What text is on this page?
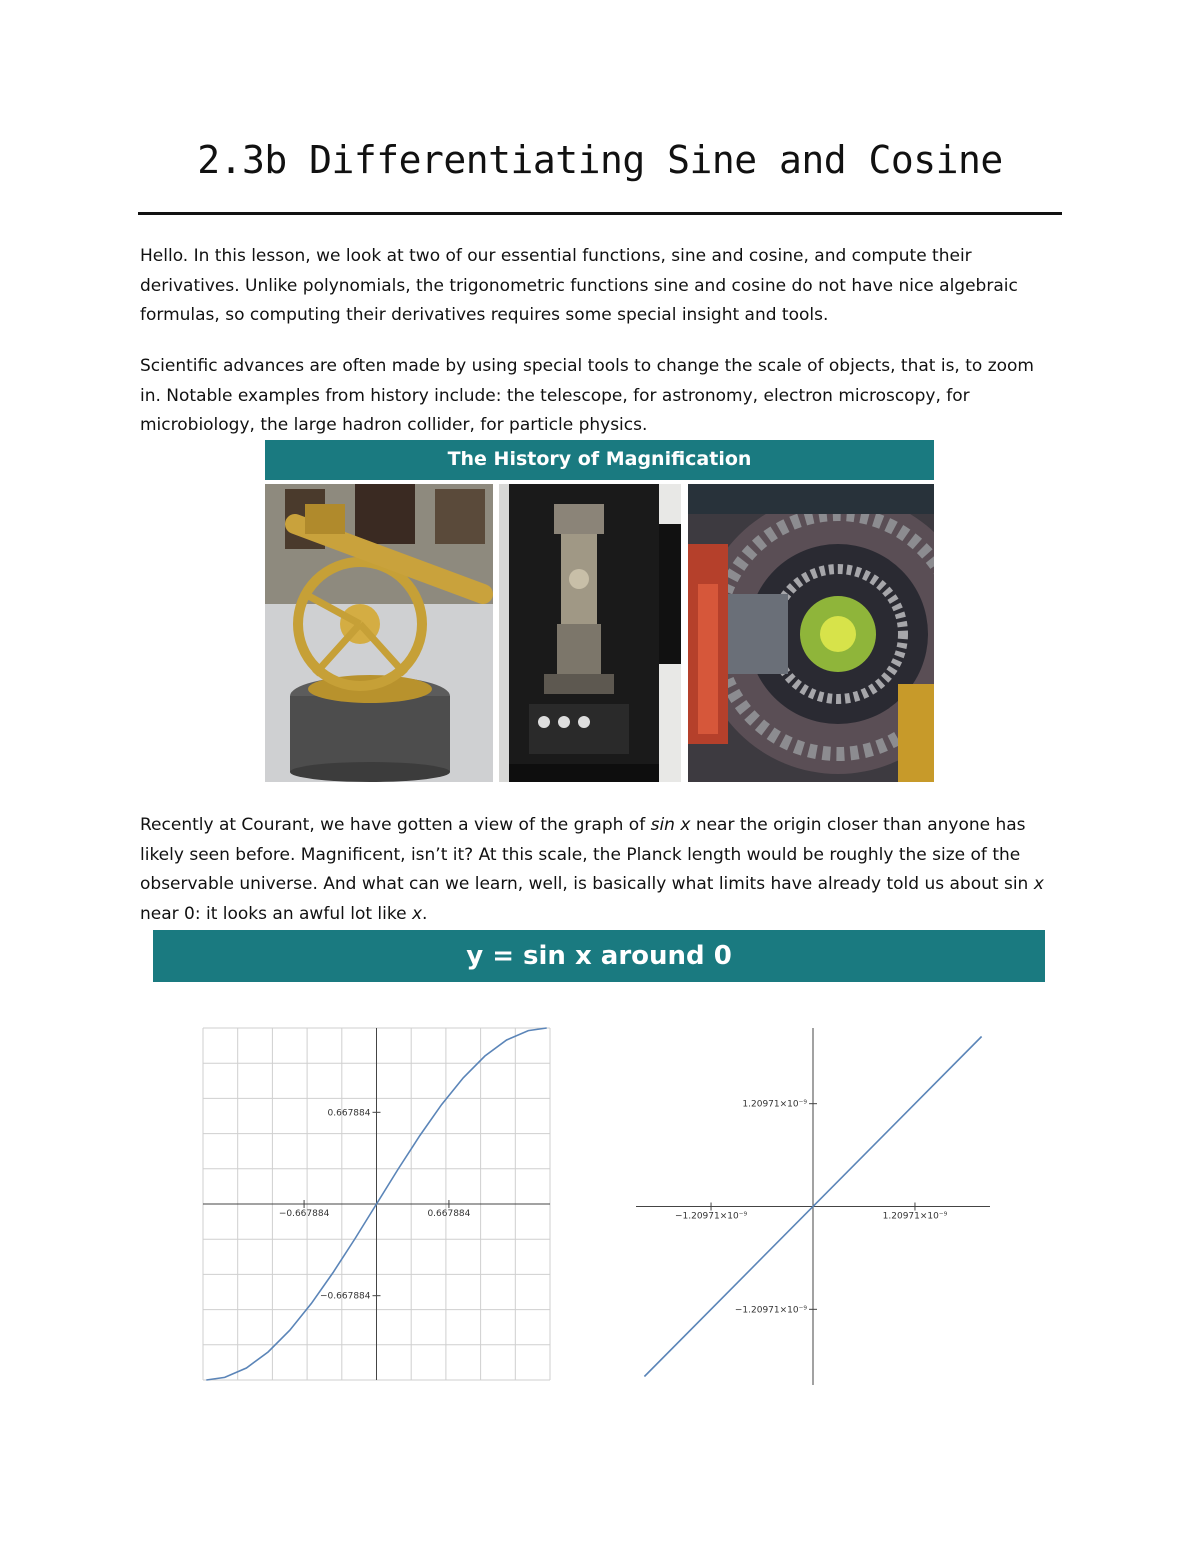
2.3b Differentiating Sine and Cosine
Hello. In this lesson, we look at two of our essential functions, sine and cosine, and compute their derivatives. Unlike polynomials, the trigonometric functions sine and cosine do not have nice algebraic formulas, so computing their derivatives requires some special insight and tools.
Scientific advances are often made by using special tools to change the scale of objects, that is, to zoom in. Notable examples from history include: the telescope, for astronomy, electron microscopy, for microbiology, the large hadron collider, for particle physics.
The History of Magnification
Recently at Courant, we have gotten a view of the graph of sin x near the origin closer than anyone has likely seen before. Magnificent, isn’t it? At this scale, the Planck length would be roughly the size of the observable universe. And what can we learn, well, is basically what limits have already told us about sin x near 0: it looks an awful lot like x.
y = sin x around 0
−0.667884	0.667884
0.667884
−0.667884
−1.20971×10⁻⁹	1.20971×10⁻⁹
1.20971×10⁻⁹
−1.20971×10⁻⁹
